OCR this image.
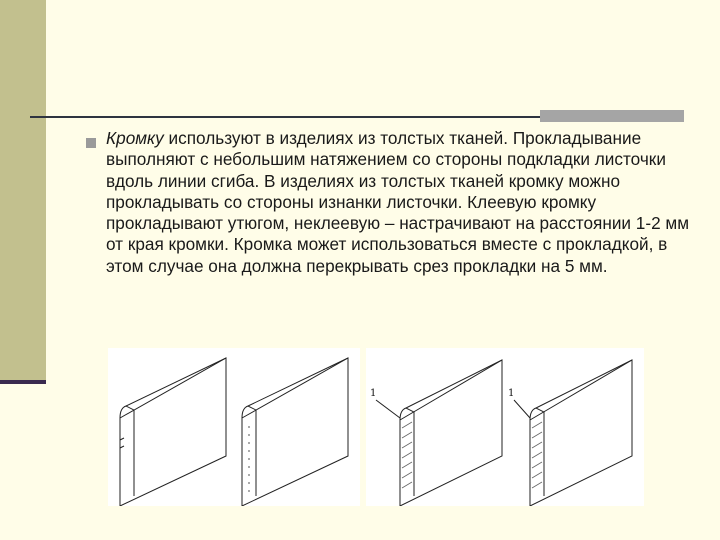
Кромку используют в изделиях из толстых тканей. Прокладывание выполняют с небольшим натяжением со стороны подкладки листочки вдоль линии сгиба. В изделиях из толстых тканей кромку можно прокладывать со стороны изнанки листочки. Клеевую кромку прокладывают утюгом, неклеевую – настрачивают на расстоянии 1-2 мм от края кромки. Кромка может использоваться вместе с прокладкой, в этом случае она должна перекрывать срез прокладки на 5 мм.

1	1
